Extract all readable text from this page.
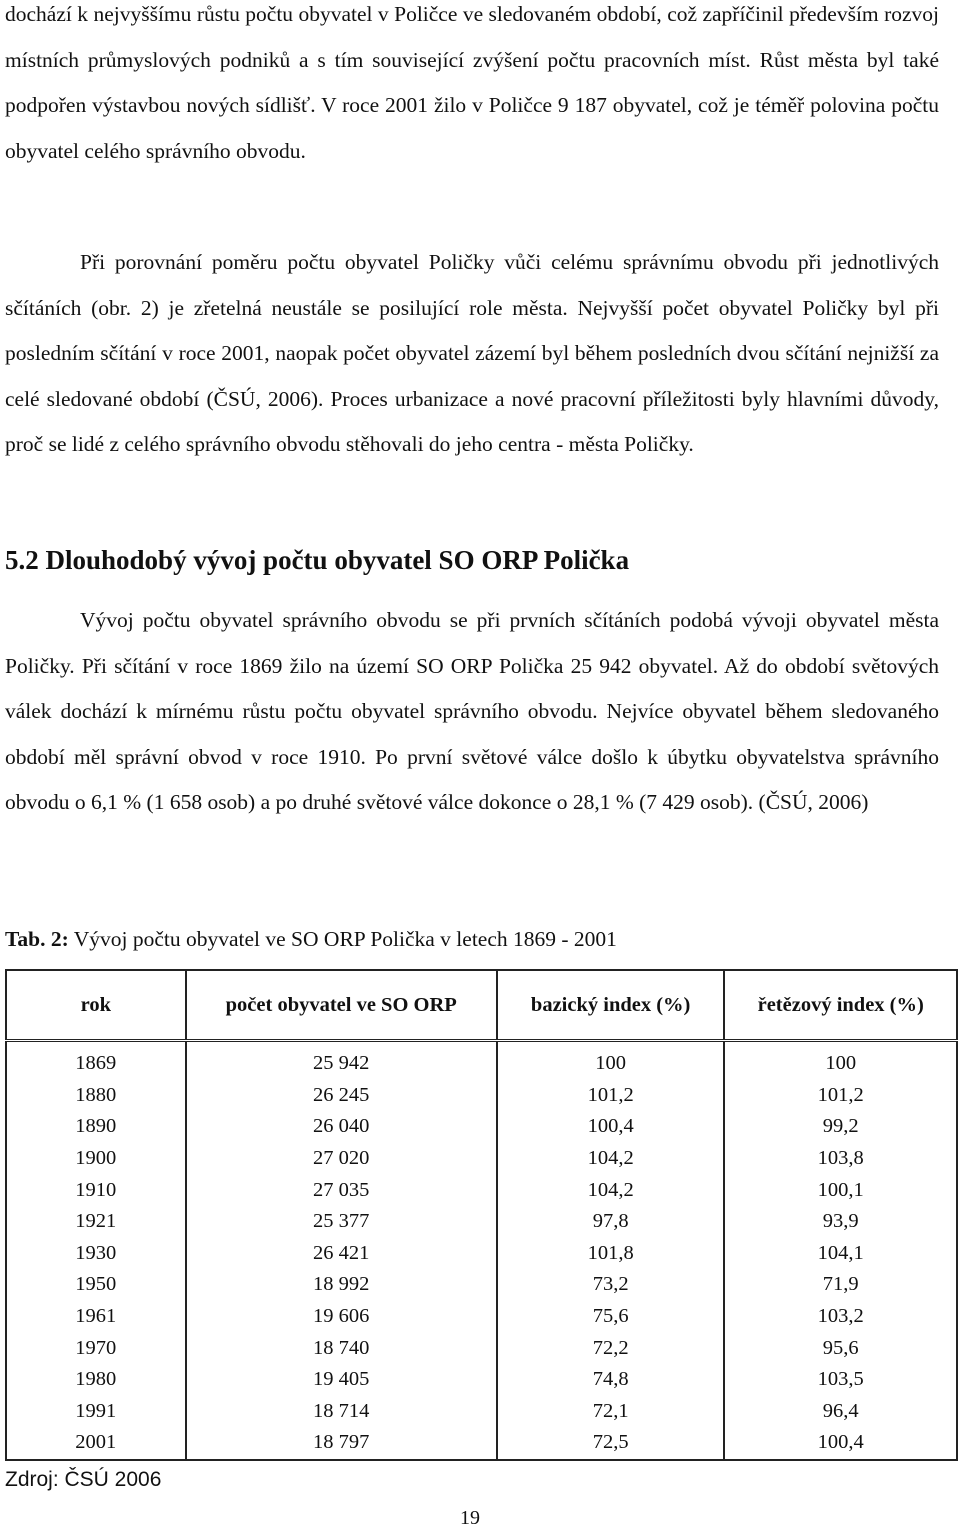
dochází k nejvyššímu růstu počtu obyvatel v Poličce ve sledovaném období, což zapříčinil především rozvoj místních průmyslových podniků a s tím související zvýšení počtu pracovních míst. Růst města byl také podpořen výstavbou nových sídlišť. V roce 2001 žilo v Poličce 9 187 obyvatel, což je téměř polovina počtu obyvatel celého správního obvodu.

Při porovnání poměru počtu obyvatel Poličky vůči celému správnímu obvodu při jednotlivých sčítáních (obr. 2) je zřetelná neustále se posilující role města. Nejvyšší počet obyvatel Poličky byl při posledním sčítání v roce 2001, naopak počet obyvatel zázemí byl během posledních dvou sčítání nejnižší za celé sledované období (ČSÚ, 2006). Proces urbanizace a nové pracovní příležitosti byly hlavními důvody, proč se lidé z celého správního obvodu stěhovali do jeho centra - města Poličky.

5.2 Dlouhodobý vývoj počtu obyvatel SO ORP Polička

Vývoj počtu obyvatel správního obvodu se při prvních sčítáních podobá vývoji obyvatel města Poličky. Při sčítání v roce 1869 žilo na území SO ORP Polička 25 942 obyvatel. Až do období světových válek dochází k mírnému růstu počtu obyvatel správního obvodu. Nejvíce obyvatel během sledovaného období měl správní obvod v roce 1910. Po první světové válce došlo k úbytku obyvatelstva správního obvodu o 6,1 % (1 658 osob) a po druhé světové válce dokonce o 28,1 % (7 429 osob). (ČSÚ, 2006)

Tab. 2: Vývoj počtu obyvatel ve SO ORP Polička v letech 1869 - 2001

rok	počet obyvatel ve SO ORP	bazický index (%)	řetězový index (%)
1869	25 942	100	100
1880	26 245	101,2	101,2
1890	26 040	100,4	99,2
1900	27 020	104,2	103,8
1910	27 035	104,2	100,1
1921	25 377	97,8	93,9
1930	26 421	101,8	104,1
1950	18 992	73,2	71,9
1961	19 606	75,6	103,2
1970	18 740	72,2	95,6
1980	19 405	74,8	103,5
1991	18 714	72,1	96,4
2001	18 797	72,5	100,4
Zdroj: ČSÚ 2006
19
